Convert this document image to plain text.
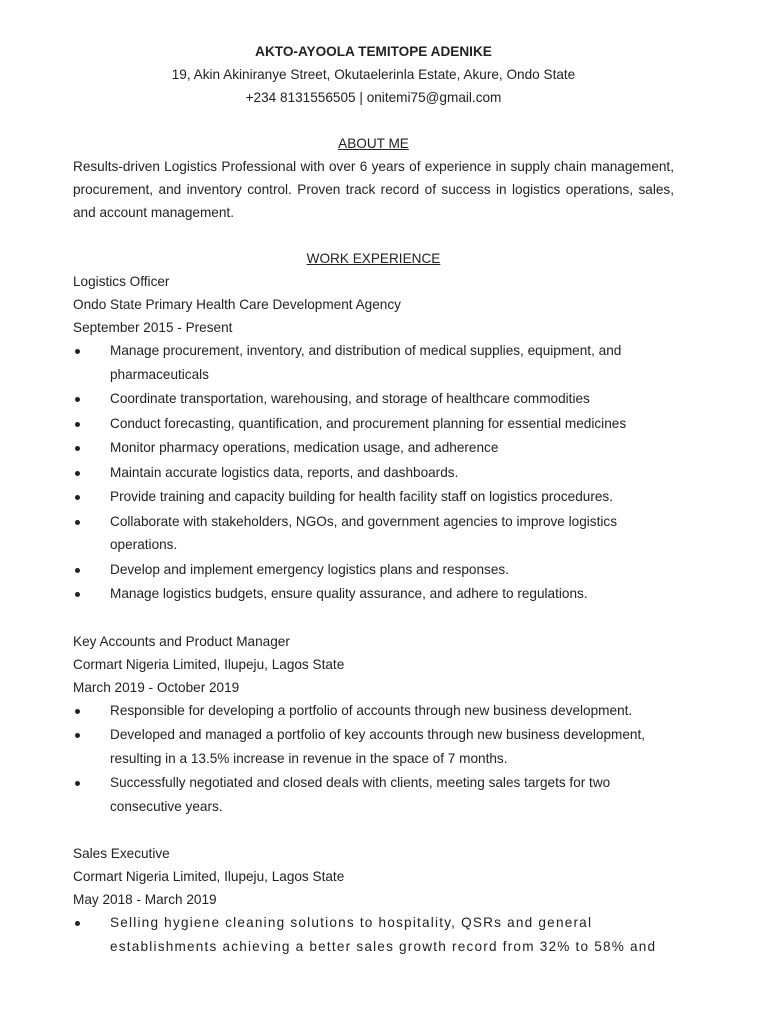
AKTO-AYOOLA TEMITOPE ADENIKE
19, Akin Akiniranye Street, Okutaelerinla Estate, Akure, Ondo State
+234 8131556505 | onitemi75@gmail.com
ABOUT ME

Results-driven Logistics Professional with over 6 years of experience in supply chain management, procurement, and inventory control. Proven track record of success in logistics operations, sales, and account management.

WORK EXPERIENCE
Logistics Officer
Ondo State Primary Health Care Development Agency
September 2015 - Present
Manage procurement, inventory, and distribution of medical supplies, equipment, and pharmaceuticals
Coordinate transportation, warehousing, and storage of healthcare commodities
Conduct forecasting, quantification, and procurement planning for essential medicines
Monitor pharmacy operations, medication usage, and adherence
Maintain accurate logistics data, reports, and dashboards.
Provide training and capacity building for health facility staff on logistics procedures.
Collaborate with stakeholders, NGOs, and government agencies to improve logistics operations.
Develop and implement emergency logistics plans and responses.
Manage logistics budgets, ensure quality assurance, and adhere to regulations.
Key Accounts and Product Manager
Cormart Nigeria Limited, Ilupeju, Lagos State
March 2019 - October 2019
Responsible for developing a portfolio of accounts through new business development.
Developed and managed a portfolio of key accounts through new business development, resulting in a 13.5% increase in revenue in the space of 7 months.
Successfully negotiated and closed deals with clients, meeting sales targets for two consecutive years.
Sales Executive
Cormart Nigeria Limited, Ilupeju, Lagos State
May 2018 - March 2019
Selling hygiene cleaning solutions to hospitality, QSRs and general establishments achieving a better sales growth record from 32% to 58% and
